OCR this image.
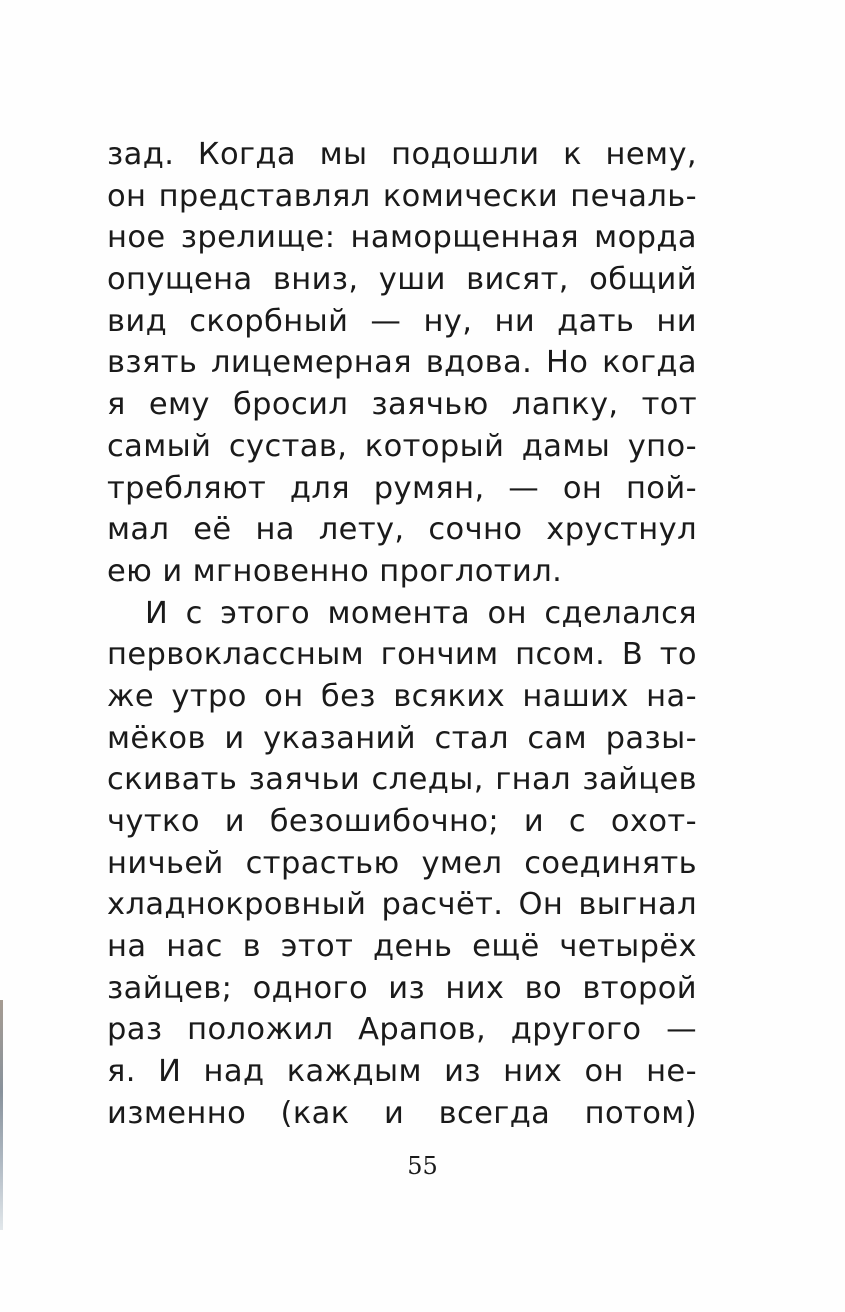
зад. Когда мы подошли к нему,
он представлял комически печаль-
ное зрелище: наморщенная морда
опущена вниз, уши висят, общий
вид скорбный — ну, ни дать ни
взять лицемерная вдова. Но когда
я ему бросил заячью лапку, тот
самый сустав, который дамы упо-
требляют для румян, — он пой-
мал её на лету, сочно хрустнул
ею и мгновенно проглотил.
И с этого момента он сделался
первоклассным гончим псом. В то
же утро он без всяких наших на-
мёков и указаний стал сам разы-
скивать заячьи следы, гнал зайцев
чутко и безошибочно; и с охот-
ничьей страстью умел соединять
хладнокровный расчёт. Он выгнал
на нас в этот день ещё четырёх
зайцев; одного из них во второй
раз положил Арапов, другого —
я. И над каждым из них он не-
изменно (как и всегда потом)
55
